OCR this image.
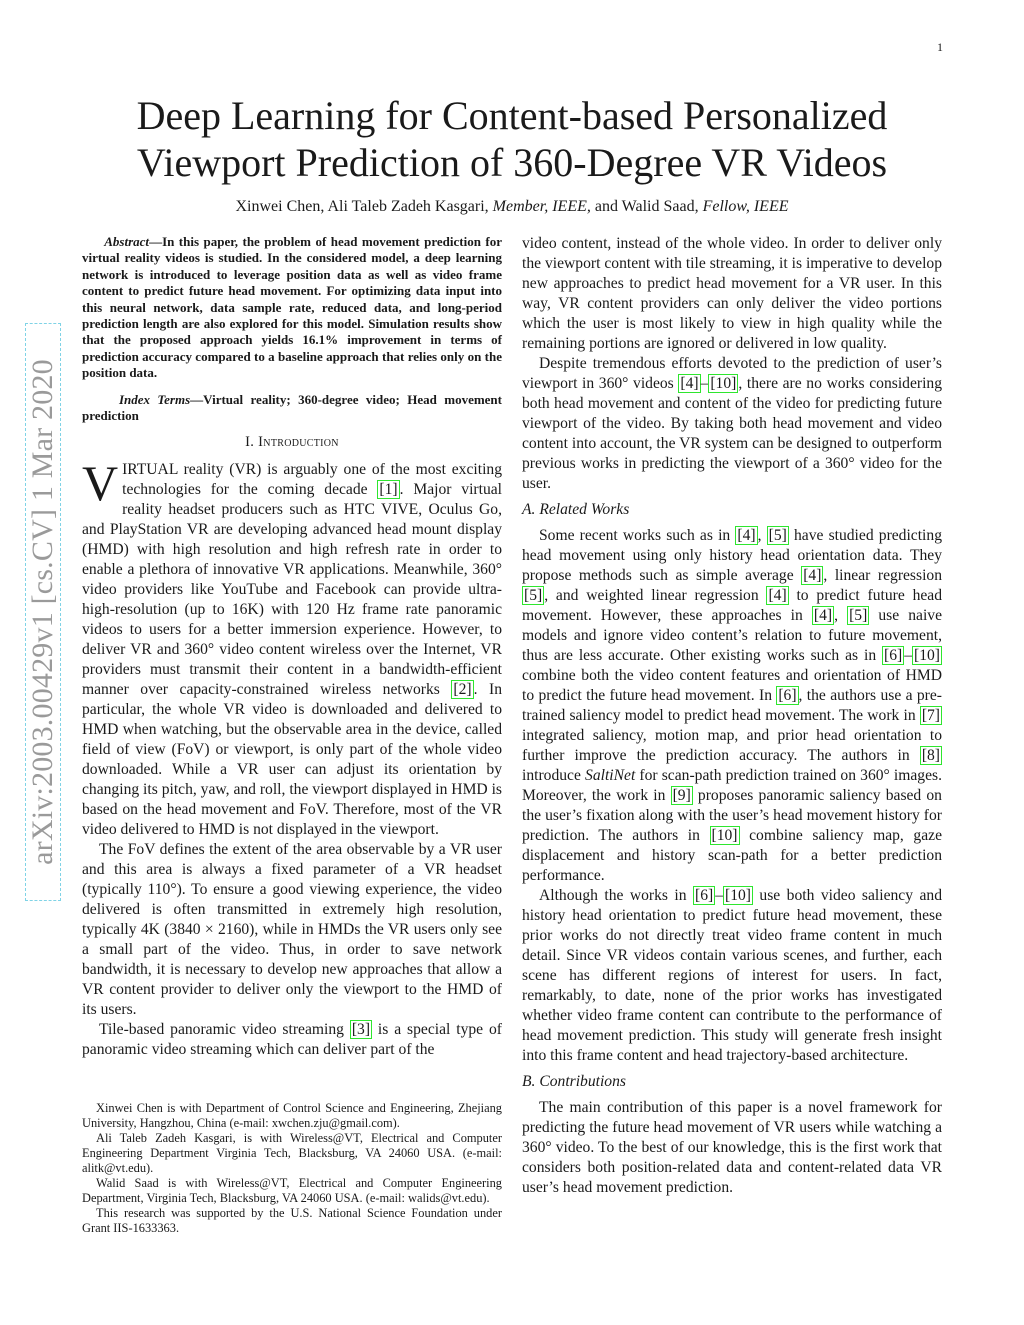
1
arXiv:2003.00429v1 [cs.CV] 1 Mar 2020
Deep Learning for Content-based Personalized
Viewport Prediction of 360-Degree VR Videos
Xinwei Chen, Ali Taleb Zadeh Kasgari, Member, IEEE, and Walid Saad, Fellow, IEEE

Abstract—In this paper, the problem of head movement prediction for virtual reality videos is studied. In the considered model, a deep learning network is introduced to leverage position data as well as video frame content to predict future head movement. For optimizing data input into this neural network, data sample rate, reduced data, and long-period prediction length are also explored for this model. Simulation results show that the proposed approach yields 16.1% improvement in terms of prediction accuracy compared to a baseline approach that relies only on the position data.

Index Terms—Virtual reality; 360-degree video; Head movement prediction

I. Introduction

VIRTUAL reality (VR) is arguably one of the most exciting technologies for the coming decade [1] . Major virtual reality headset producers such as HTC VIVE, Oculus Go, and PlayStation VR are developing advanced head mount display (HMD) with high resolution and high refresh rate in order to enable a plethora of innovative VR applications. Meanwhile, 360° video providers like YouTube and Facebook can provide ultra-high-resolution (up to 16K) with 120 Hz frame rate panoramic videos to users for a better immersion experience. However, to deliver VR and 360° video content wireless over the Internet, VR providers must transmit their content in a bandwidth-efficient manner over capacity-constrained wireless networks [2] . In particular, the whole VR video is downloaded and delivered to HMD when watching, but the observable area in the device, called field of view (FoV) or viewport, is only part of the whole video downloaded. While a VR user can adjust its orientation by changing its pitch, yaw, and roll, the viewport displayed in HMD is based on the head movement and FoV. Therefore, most of the VR video delivered to HMD is not displayed in the viewport.

The FoV defines the extent of the area observable by a VR user and this area is always a fixed parameter of a VR headset (typically 110°). To ensure a good viewing experience, the video delivered is often transmitted in extremely high resolution, typically 4K (3840 × 2160), while in HMDs the VR users only see a small part of the video. Thus, in order to save network bandwidth, it is necessary to develop new approaches that allow a VR content provider to deliver only the viewport to the HMD of its users.

Tile-based panoramic video streaming [3] is a special type of panoramic video streaming which can deliver part of the

Xinwei Chen is with Department of Control Science and Engineering, Zhejiang University, Hangzhou, China (e-mail: xwchen.zju@gmail.com).

Ali Taleb Zadeh Kasgari, is with Wireless@VT, Electrical and Computer Engineering Department Virginia Tech, Blacksburg, VA 24060 USA. (e-mail: alitk@vt.edu).

Walid Saad is with Wireless@VT, Electrical and Computer Engineering Department, Virginia Tech, Blacksburg, VA 24060 USA. (e-mail: walids@vt.edu).

This research was supported by the U.S. National Science Foundation under Grant IIS-1633363.

video content, instead of the whole video. In order to deliver only the viewport content with tile streaming, it is imperative to develop new approaches to predict head movement for a VR user. In this way, VR content providers can only deliver the video portions which the user is most likely to view in high quality while the remaining portions are ignored or delivered in low quality.

Despite tremendous efforts devoted to the prediction of user’s viewport in 360° videos [4] – [10] , there are no works considering both head movement and content of the video for predicting future viewport of the video. By taking both head movement and video content into account, the VR system can be designed to outperform previous works in predicting the viewport of a 360° video for the user.

A. Related Works

Some recent works such as in [4] , [5] have studied predicting head movement using only history head orientation data. They propose methods such as simple average [4] , linear regression [5] , and weighted linear regression [4] to predict future head movement. However, these approaches in [4] , [5] use naive models and ignore video content’s relation to future movement, thus are less accurate. Other existing works such as in [6] – [10] combine both the video content features and orientation of HMD to predict the future head movement. In [6] , the authors use a pre-trained saliency model to predict head movement. The work in [7] integrated saliency, motion map, and prior head orientation to further improve the prediction accuracy. The authors in [8] introduce SaltiNet for scan-path prediction trained on 360° images. Moreover, the work in [9] proposes panoramic saliency based on the user’s fixation along with the user’s head movement history for prediction. The authors in [10] combine saliency map, gaze displacement and history scan-path for a better prediction performance.

Although the works in [6] – [10] use both video saliency and history head orientation to predict future head movement, these prior works do not directly treat video frame content in much detail. Since VR videos contain various scenes, and further, each scene has different regions of interest for users. In fact, remarkably, to date, none of the prior works has investigated whether video frame content can contribute to the performance of head movement prediction. This study will generate fresh insight into this frame content and head trajectory-based architecture.

B. Contributions

The main contribution of this paper is a novel framework for predicting the future head movement of VR users while watching a 360° video. To the best of our knowledge, this is the first work that considers both position-related data and content-related data VR user’s head movement prediction.
